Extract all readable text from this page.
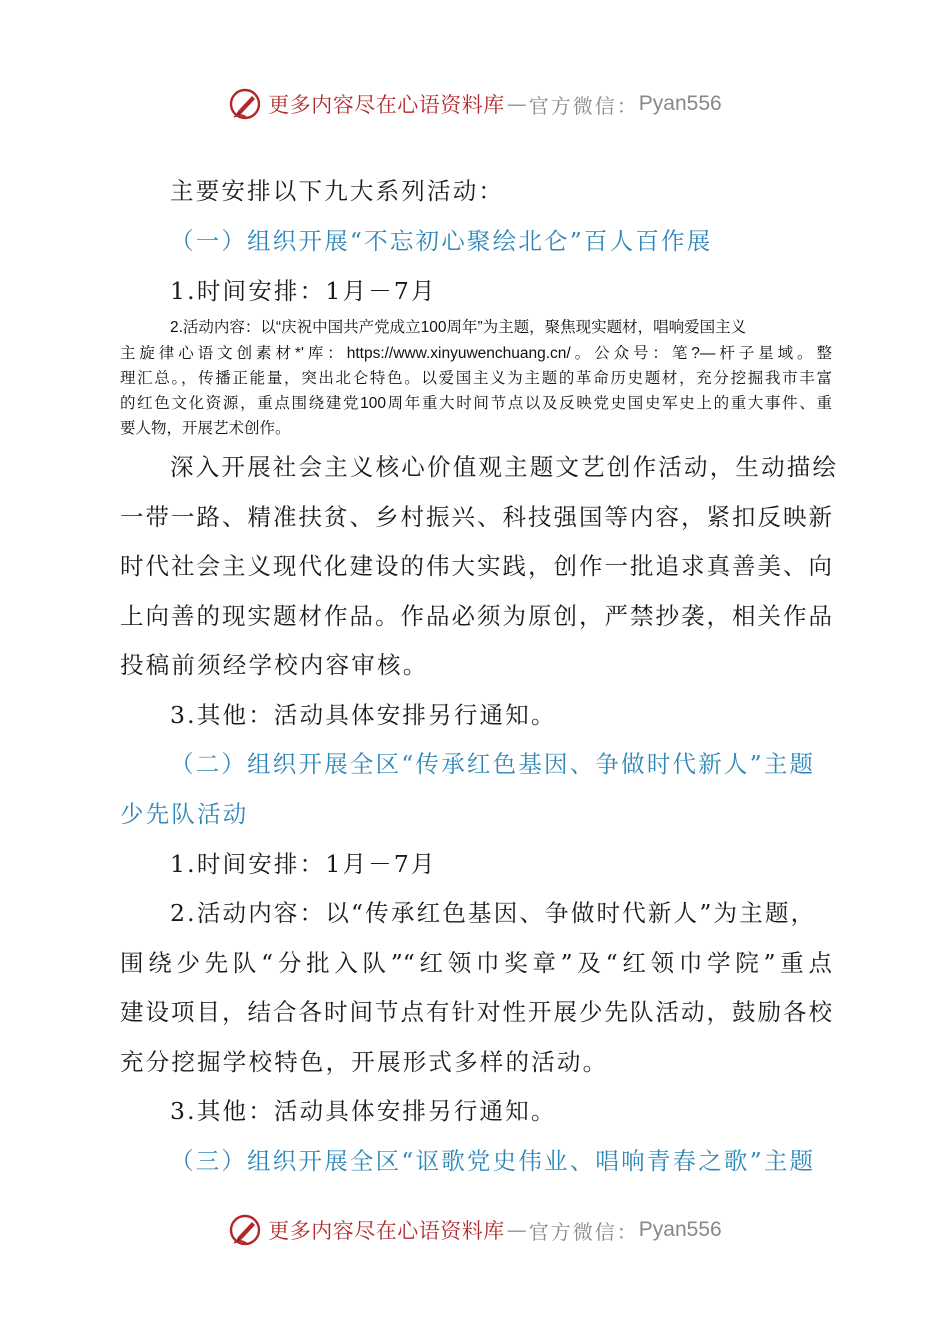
更多内容尽在心语资料库 — 官方微信： Pyan556
主要安排以下九大系列活动：
（一）组织开展“不忘初心聚绘北仑”百人百作展
1.时间安排：1月－7月
2.活动内容：以“庆祝中国共产党成立100周年”为主题，聚焦现实题材，唱响爱国主义
主旋律心语文创素材*'库：https://www.xinyuwenchuang.cn/。公众号：笔?—杆子星域。整
理汇总。，传播正能量，突出北仑特色。以爱国主义为主题的革命历史题材，充分挖掘我市丰富
的红色文化资源，重点围绕建党100周年重大时间节点以及反映党史国史军史上的重大事件、重
要人物，开展艺术创作。
深入开展社会主义核心价值观主题文艺创作活动，生动描绘
一带一路、精准扶贫、乡村振兴、科技强国等内容，紧扣反映新
时代社会主义现代化建设的伟大实践，创作一批追求真善美、向
上向善的现实题材作品。作品必须为原创，严禁抄袭，相关作品
投稿前须经学校内容审核。
3.其他：活动具体安排另行通知。
（二）组织开展全区“传承红色基因、争做时代新人”主题
少先队活动
1.时间安排：1月－7月
2.活动内容：以“传承红色基因、争做时代新人”为主题，
围绕少先队“分批入队”“红领巾奖章”及“红领巾学院”重点
建设项目，结合各时间节点有针对性开展少先队活动，鼓励各校
充分挖掘学校特色，开展形式多样的活动。
3.其他：活动具体安排另行通知。
（三）组织开展全区“讴歌党史伟业、唱响青春之歌”主题
更多内容尽在心语资料库 — 官方微信： Pyan556
